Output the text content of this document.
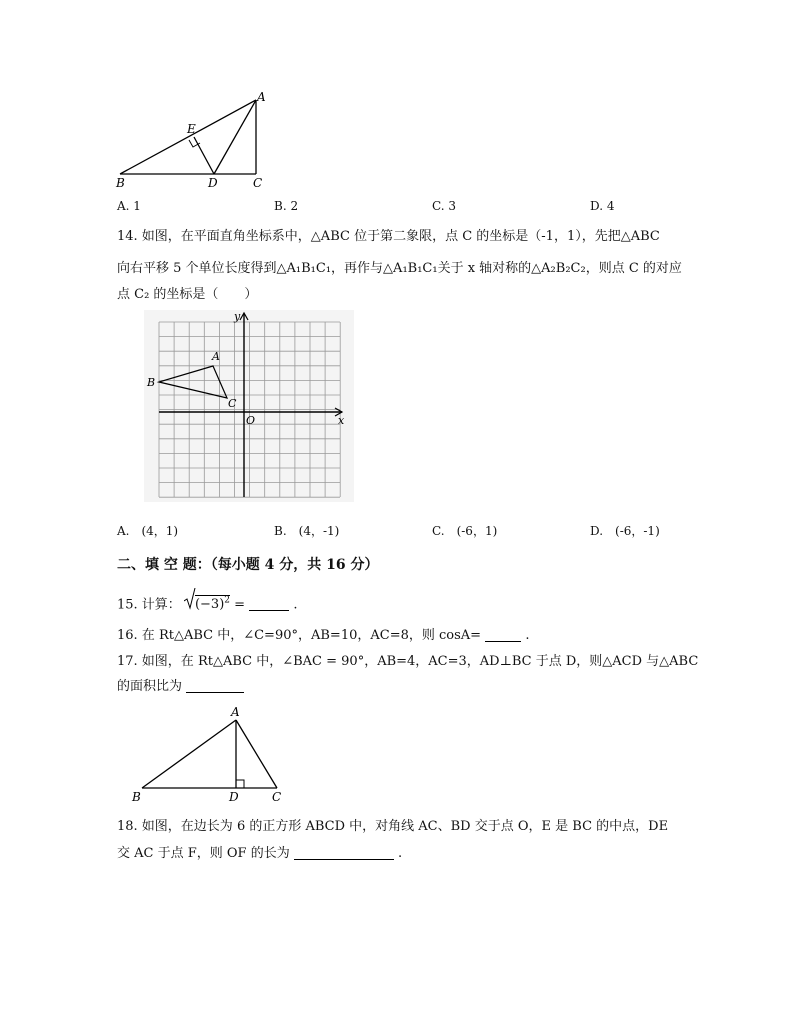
A
E
B	D	C
A. 1	B. 2	C. 3	D. 4
14. 如图，在平面直角坐标系中，△ABC 位于第二象限，点 C 的坐标是（-1，1），先把△ABC
向右平移 5 个单位长度得到△A₁B₁C₁，再作与△A₁B₁C₁关于 x 轴对称的△A₂B₂C₂，则点 C 的对应
点 C₂ 的坐标是（　　）
y
x
O
A
B
C
A.　(4，1)	B.　(4，-1)	C.　(-6，1)	D.　(-6，-1)
二、填 空 题：（每小题 4 分，共 16 分）
15. 计算： $(-3)^2$ =	.
16. 在 Rt△ABC 中，∠C=90°，AB=10，AC=8，则 cosA=	.
17. 如图，在 Rt△ABC 中，∠BAC = 90°，AB=4，AC=3，AD⊥BC 于点 D，则△ACD 与△ABC
的面积比为
A
B	D	C
18. 如图，在边长为 6 的正方形 ABCD 中，对角线 AC、BD 交于点 O，E 是 BC 的中点，DE
交 AC 于点 F，则 OF 的长为	.
